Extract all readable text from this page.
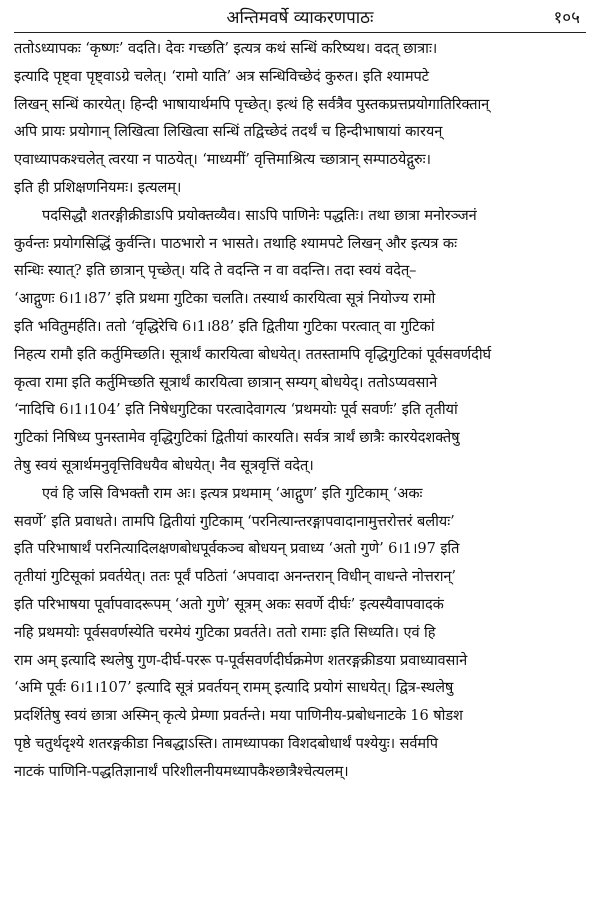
अन्तिमवर्षे व्याकरणपाठः	१०५

ततोऽध्यापकः ‘कृष्णः’ वदति। देवः गच्छति’ इत्यत्र कथं सन्धिं करिष्यथ। वदत् छात्राः।
इत्यादि पृष्ट्वा पृष्ट्वाऽग्रे चलेत्। ‘रामो याति’ अत्र सन्धिविच्छेदं कुरुत। इति श्यामपटे
लिखन् सन्धिं कारयेत्। हिन्दी भाषायार्थमपि पृच्छेत्। इत्थं हि सर्वत्रैव पुस्तकप्रत्तप्रयोगातिरिक्तान्
अपि प्रायः प्रयोगान् लिखित्वा लिखित्वा सन्धिं तद्विच्छेदं तदर्थं च हिन्दीभाषायां कारयन्
एवाध्यापकश्चलेत् त्वरया न पाठयेत्। ‘माध्यमीं’ वृत्तिमाश्रित्य च्छात्रान् सम्पाठयेद्गुरुः।
इति ही प्रशिक्षणनियमः। इत्यलम्।

पदसिद्धौ शतरङ्गीक्रीडाऽपि प्रयोक्तव्यैव। साऽपि पाणिनेः पद्धतिः। तथा छात्रा मनोरञ्जनं
कुर्वन्तः प्रयोगसिद्धिं कुर्वन्ति। पाठभारो न भासते। तथाहि श्यामपटे लिखन् और इत्यत्र कः
सन्धिः स्यात्? इति छात्रान् पृच्छेत्। यदि ते वदन्ति न वा वदन्ति। तदा स्वयं वदेत्–
‘आद्गुणः 6।1।87’ इति प्रथमा गुटिका चलति। तस्यार्थ कारयित्वा सूत्रं नियोज्य रामो
इति भवितुमर्हति। ततो ‘वृद्धिरेचि 6।1।88’ इति द्वितीया गुटिका परत्वात् वा गुटिकां
निहत्य रामौ इति कर्तुमिच्छति। सूत्रार्थं कारयित्वा बोधयेत्। ततस्तामपि वृद्धिगुटिकां पूर्वसवर्णदीर्घ
कृत्वा रामा इति कर्तुमिच्छति सूत्रार्थं कारयित्वा छात्रान् सम्यग् बोधयेद्। ततोऽप्यवसाने
‘नादिचि 6।1।104’ इति निषेधगुटिका परत्वादेवागत्य ‘प्रथमयोः पूर्व सवर्णः’ इति तृतीयां
गुटिकां निषिध्य पुनस्तामेव वृद्धिगुटिकां द्वितीयां कारयति। सर्वत्र त्रार्थं छात्रैः कारयेदशक्तेषु
तेषु स्वयं सूत्रार्थमनुवृत्तिविधयैव बोधयेत्। नैव सूत्रवृत्तिं वदेत्।

एवं हि जसि विभक्तौ राम अः। इत्यत्र प्रथमाम् ‘आद्गुण’ इति गुटिकाम् ‘अकः
सवर्णे’ इति प्रवाधते। तामपि द्वितीयां गुटिकाम् ‘परनित्यान्तरङ्गापवादानामुत्तरोत्तरं बलीयः’
इति परिभाषार्थं परनित्यादिलक्षणबोधपूर्वकञ्च बोधयन् प्रवाध्य ‘अतो गुणे’ 6।1।97 इति
तृतीयां गुटिसूकां प्रवर्तयेत्। ततः पूर्वं पठितां ‘अपवादा अनन्तरान् विधीन् वाधन्ते नोत्तरान्’
इति परिभाषया पूर्वापवादरूपम् ‘अतो गुणे’ सूत्रम् अकः सवर्णे दीर्घः’ इत्यस्यैवापवादकं
नहि प्रथमयोः पूर्वसवर्णस्येति चरमेयं गुटिका प्रवर्तते। ततो रामाः इति सिध्यति। एवं हि
राम अम् इत्यादि स्थलेषु गुण-दीर्घ-पररू प-पूर्वसवर्णदीर्घक्रमेण शतरङ्गक्रीडया प्रवाध्यावसाने
‘अमि पूर्वः 6।1।107’ इत्यादि सूत्रं प्रवर्तयन् रामम् इत्यादि प्रयोगं साधयेत्। द्वित्र-स्थलेषु
प्रदर्शितेषु स्वयं छात्रा अस्मिन् कृत्ये प्रेम्णा प्रवर्तन्ते। मया पाणिनीय-प्रबोधनाटके 16 षोडश
पृष्ठे चतुर्थदृश्ये शतरङ्गकीडा निबद्धाऽस्ति। तामध्यापका विशदबोधार्थं पश्येयुः। सर्वमपि
नाटकं पाणिनि-पद्धतिज्ञानार्थं परिशीलनीयमध्यापकैश्छात्रैश्चेत्यलम्।
